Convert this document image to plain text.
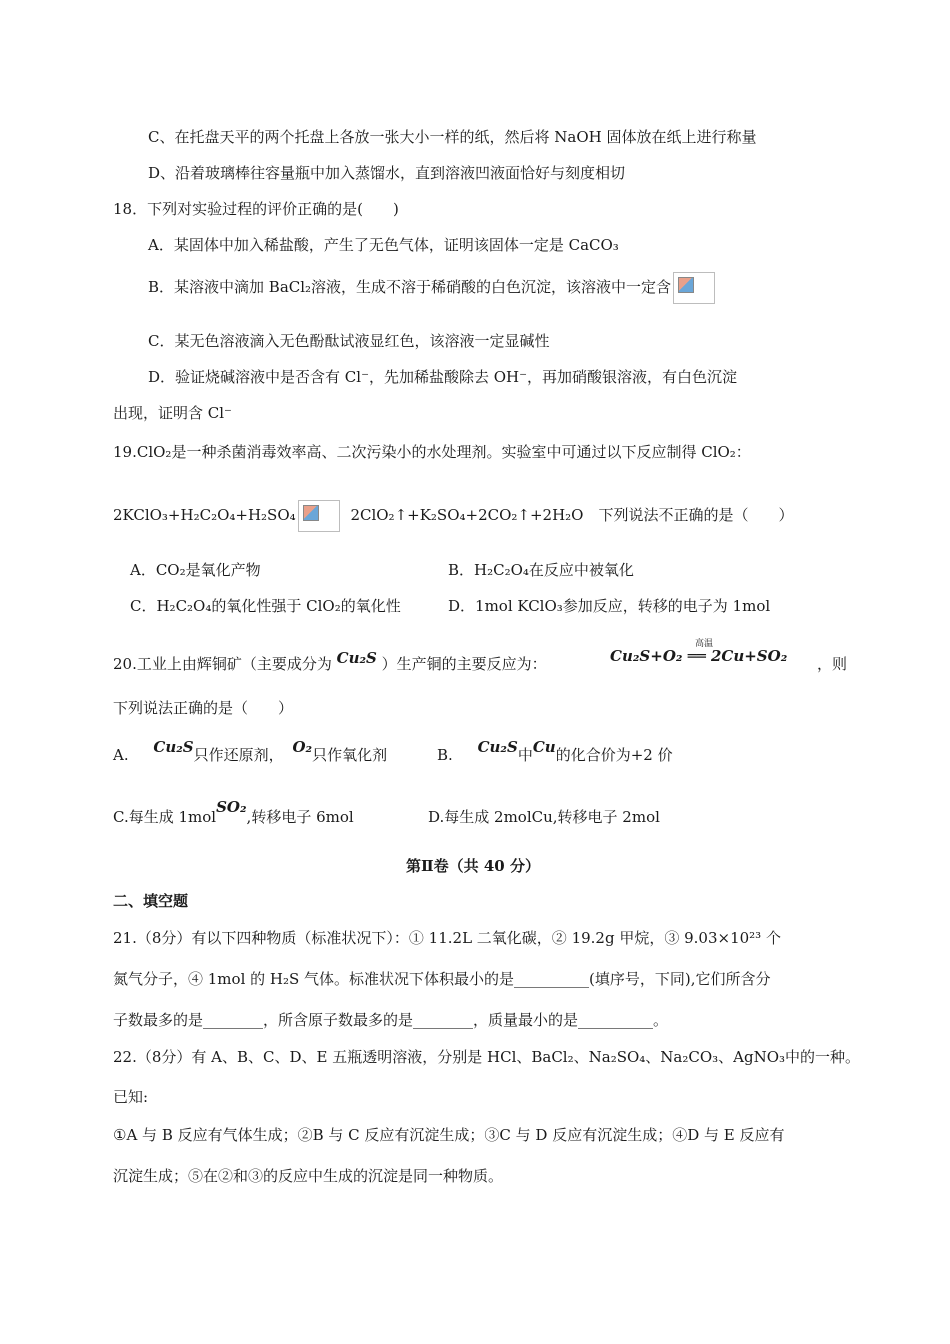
C、在托盘天平的两个托盘上各放一张大小一样的纸，然后将 NaOH 固体放在纸上进行称量
D、沿着玻璃棒往容量瓶中加入蒸馏水，直到溶液凹液面恰好与刻度相切
18．下列对实验过程的评价正确的是(　　)
A．某固体中加入稀盐酸，产生了无色气体，证明该固体一定是 CaCO₃
B．某溶液中滴加 BaCl₂溶液，生成不溶于稀硝酸的白色沉淀，该溶液中一定含
C．某无色溶液滴入无色酚酞试液显红色，该溶液一定显碱性
D．验证烧碱溶液中是否含有 Cl⁻，先加稀盐酸除去 OH⁻，再加硝酸银溶液，有白色沉淀
出现，证明含 Cl⁻
19.ClO₂是一种杀菌消毒效率高、二次污染小的水处理剂。实验室中可通过以下反应制得 ClO₂：
2KClO₃+H₂C₂O₄+H₂SO₄	2ClO₂↑+K₂SO₄+2CO₂↑+2H₂O　下列说法不正确的是（　　）
A．CO₂是氧化产物	B．H₂C₂O₄在反应中被氧化
C．H₂C₂O₄的氧化性强于 ClO₂的氧化性	D．1mol KClO₃参加反应，转移的电子为 1mol
20.工业上由辉铜矿（主要成分为 Cu₂S ）生产铜的主要反应为：	Cu₂S+O₂ ══ 2Cu+SO₂
高温
，则
下列说法正确的是（　　）
A. Cu₂S只作还原剂， O₂只作氧化剂	B. Cu₂S中Cu的化合价为+2 价
C.每生成 1molSO₂,转移电子 6mol	D.每生成 2molCu,转移电子 2mol
第Ⅱ卷（共 40 分）
二、填空题
21.（8分）有以下四种物质（标准状况下）：① 11.2L 二氧化碳，② 19.2g 甲烷，③ 9.03×10²³ 个
氮气分子，④ 1mol 的 H₂S 气体。标准状况下体积最小的是__________(填序号，下同),它们所含分
子数最多的是________，所含原子数最多的是________，质量最小的是__________。
22.（8分）有 A、B、C、D、E 五瓶透明溶液，分别是 HCl、BaCl₂、Na₂SO₄、Na₂CO₃、AgNO₃中的一种。
已知:
①A 与 B 反应有气体生成；②B 与 C 反应有沉淀生成；③C 与 D 反应有沉淀生成；④D 与 E 反应有
沉淀生成；⑤在②和③的反应中生成的沉淀是同一种物质。
